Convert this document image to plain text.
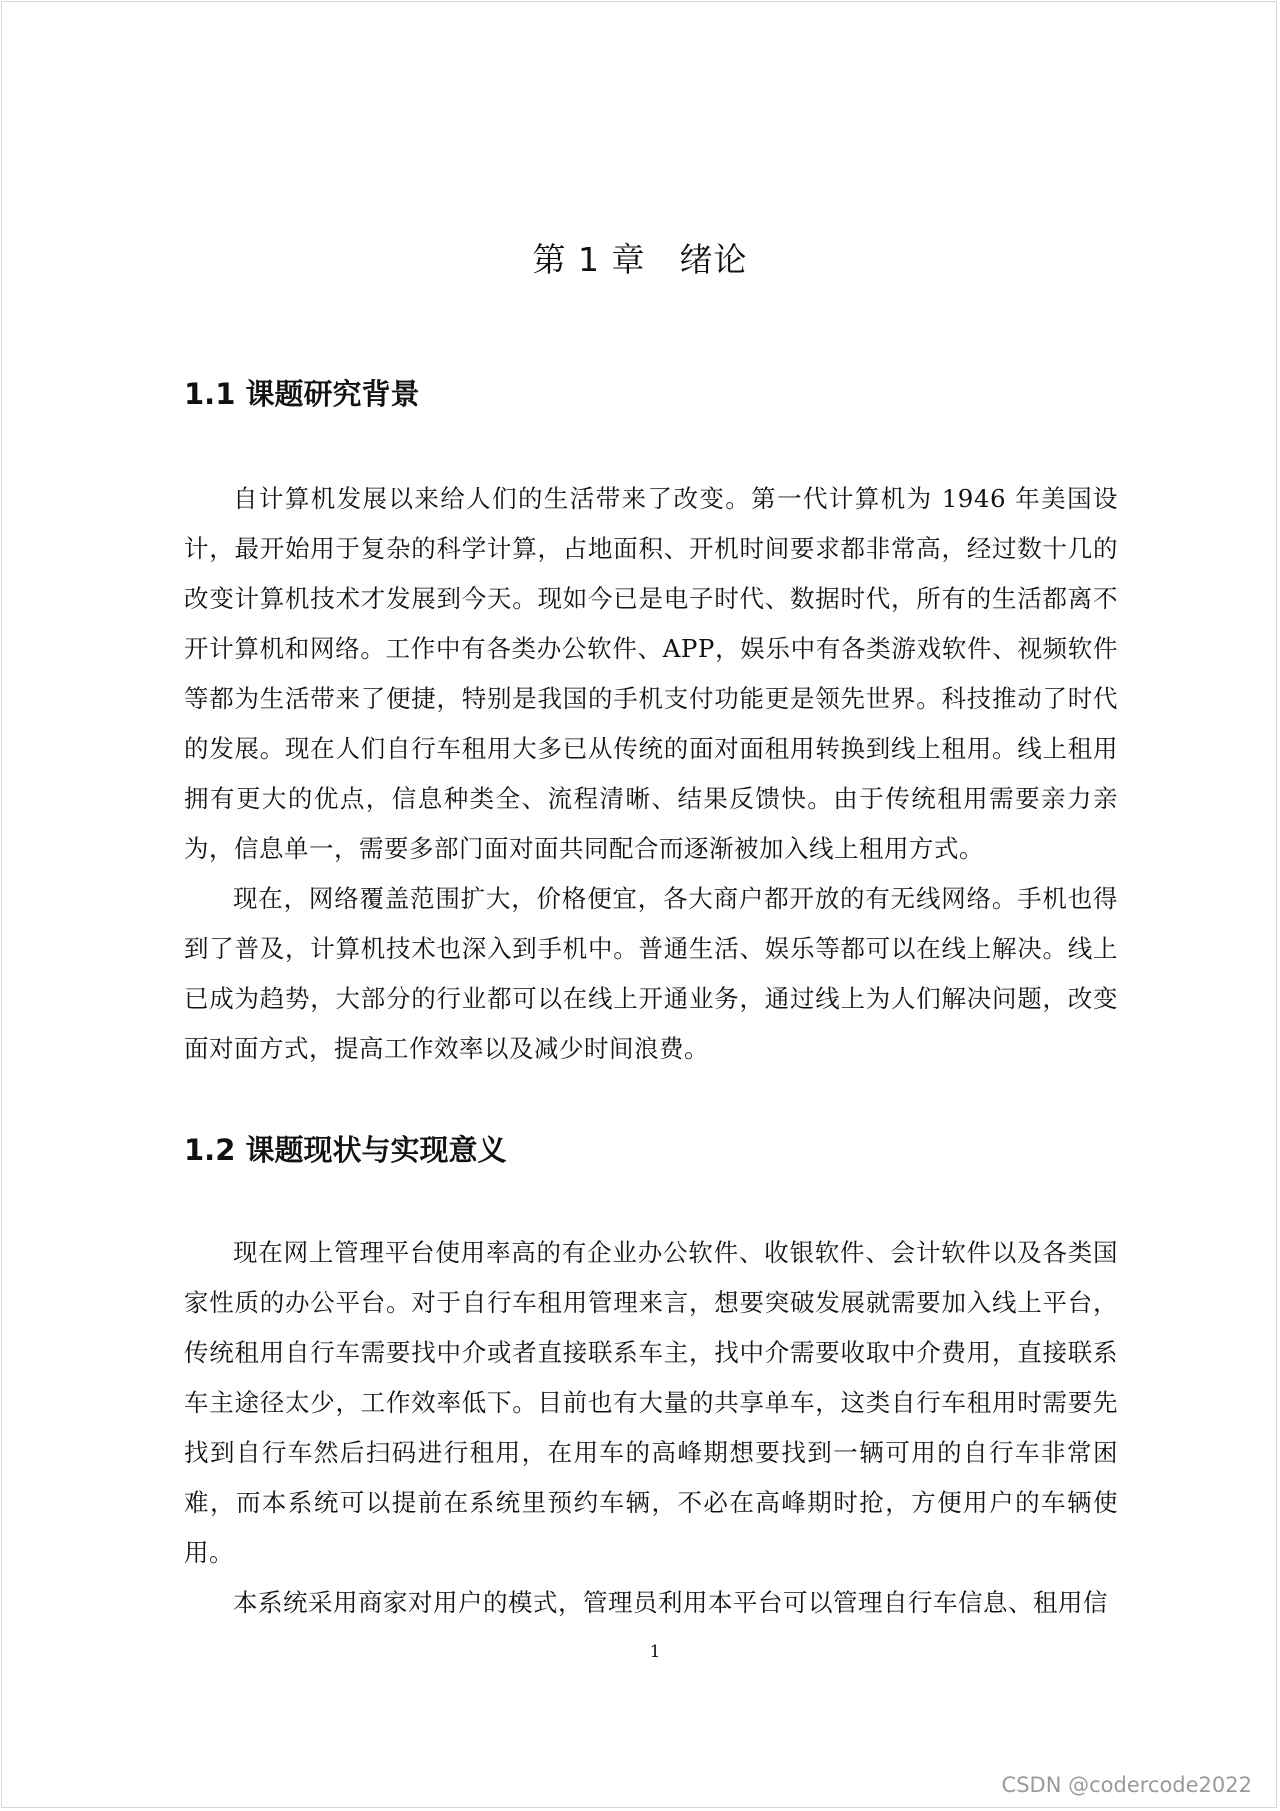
第 1 章　绪论
1.1 课题研究背景

自计算机发展以来给人们的生活带来了改变。第一代计算机为 1946 年美国设计，最开始用于复杂的科学计算，占地面积、开机时间要求都非常高，经过数十几的改变计算机技术才发展到今天。现如今已是电子时代、数据时代，所有的生活都离不开计算机和网络。工作中有各类办公软件、APP，娱乐中有各类游戏软件、视频软件等都为生活带来了便捷，特别是我国的手机支付功能更是领先世界。科技推动了时代的发展。现在人们自行车租用大多已从传统的面对面租用转换到线上租用。线上租用拥有更大的优点，信息种类全、流程清晰、结果反馈快。由于传统租用需要亲力亲为，信息单一，需要多部门面对面共同配合而逐渐被加入线上租用方式。

现在，网络覆盖范围扩大，价格便宜，各大商户都开放的有无线网络。手机也得到了普及，计算机技术也深入到手机中。普通生活、娱乐等都可以在线上解决。线上已成为趋势，大部分的行业都可以在线上开通业务，通过线上为人们解决问题，改变面对面方式，提高工作效率以及减少时间浪费。

1.2 课题现状与实现意义

现在网上管理平台使用率高的有企业办公软件、收银软件、会计软件以及各类国家性质的办公平台。对于自行车租用管理来言，想要突破发展就需要加入线上平台，传统租用自行车需要找中介或者直接联系车主，找中介需要收取中介费用，直接联系车主途径太少，工作效率低下。目前也有大量的共享单车，这类自行车租用时需要先找到自行车然后扫码进行租用，在用车的高峰期想要找到一辆可用的自行车非常困难，而本系统可以提前在系统里预约车辆，不必在高峰期时抢，方便用户的车辆使用。

本系统采用商家对用户的模式，管理员利用本平台可以管理自行车信息、租用信

1
CSDN @codercode2022
